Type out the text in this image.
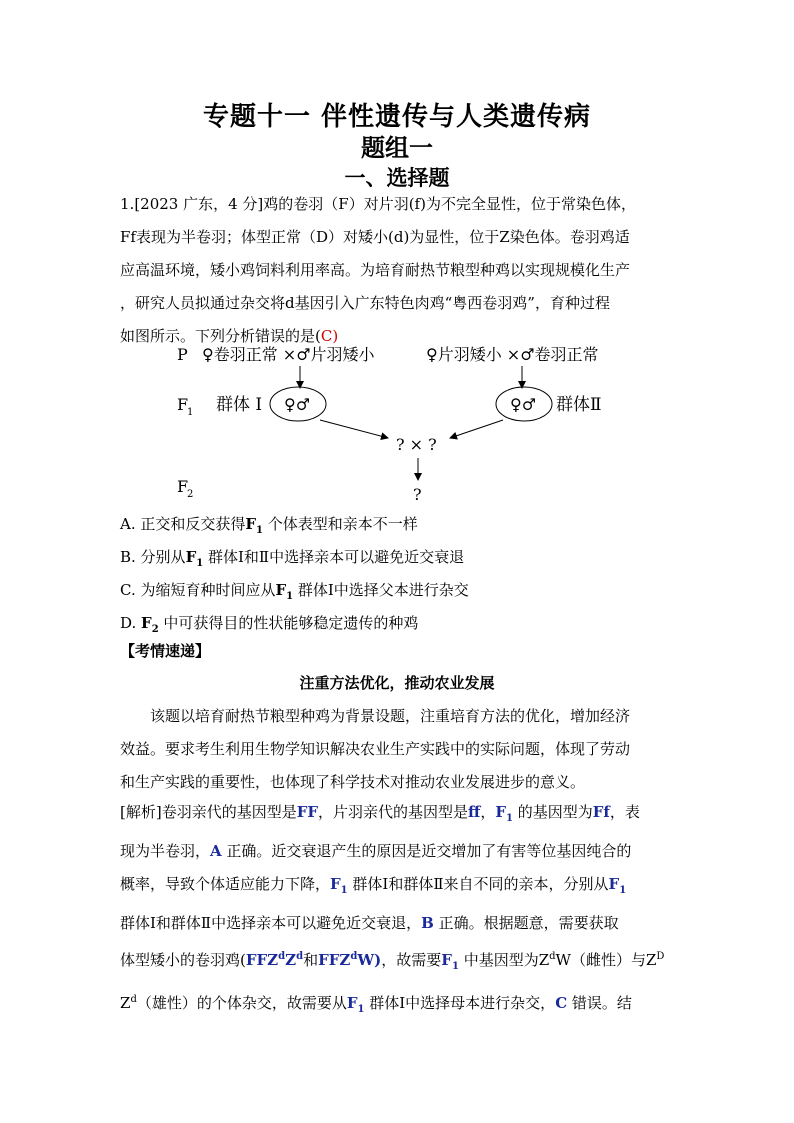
专题十一 伴性遗传与人类遗传病
题组一
一、选择题
1.[2023 广东，4 分]鸡的卷羽（F）对片羽(f)为不完全显性，位于常染色体，
Ff表现为半卷羽；体型正常（D）对矮小(d)为显性，位于Z染色体。卷羽鸡适
应高温环境，矮小鸡饲料利用率高。为培育耐热节粮型种鸡以实现规模化生产
，研究人员拟通过杂交将d基因引入广东特色肉鸡“粤西卷羽鸡”，育种过程
如图所示。下列分析错误的是(C)
P ♀卷羽正常 ×♂片羽矮小	♀片羽矮小 ×♂卷羽正常
F
1 群体 I ♀♂	♀♂ 群体Ⅱ
? × ?
F
2	?
A. 正交和反交获得$F_1$ 个体表型和亲本不一样
B. 分别从$F_1$ 群体Ⅰ和Ⅱ中选择亲本可以避免近交衰退
C. 为缩短育种时间应从$F_1$ 群体Ⅰ中选择父本进行杂交
D. $F_2$ 中可获得目的性状能够稳定遗传的种鸡
【考情速递】
注重方法优化，推动农业发展
该题以培育耐热节粮型种鸡为背景设题，注重培育方法的优化，增加经济
效益。要求考生利用生物学知识解决农业生产实践中的实际问题，体现了劳动
和生产实践的重要性，也体现了科学技术对推动农业发展进步的意义。
[解析]卷羽亲代的基因型是FF，片羽亲代的基因型是ff，$F_1$ 的基因型为Ff，表
现为半卷羽，A 正确。近交衰退产生的原因是近交增加了有害等位基因纯合的
概率，导致个体适应能力下降，$F_1$ 群体Ⅰ和群体Ⅱ来自不同的亲本，分别从$F_1$
群体Ⅰ和群体Ⅱ中选择亲本可以避免近交衰退，B 正确。根据题意，需要获取
体型矮小的卷羽鸡($FFZ^dZ^d$和FFZ$^d$W)，故需要$F_1$ 中基因型为$Z^dW$（雌性）与$Z^D$
$Z^d$（雄性）的个体杂交，故需要从$F_1$ 群体Ⅰ中选择母本进行杂交，C 错误。结
